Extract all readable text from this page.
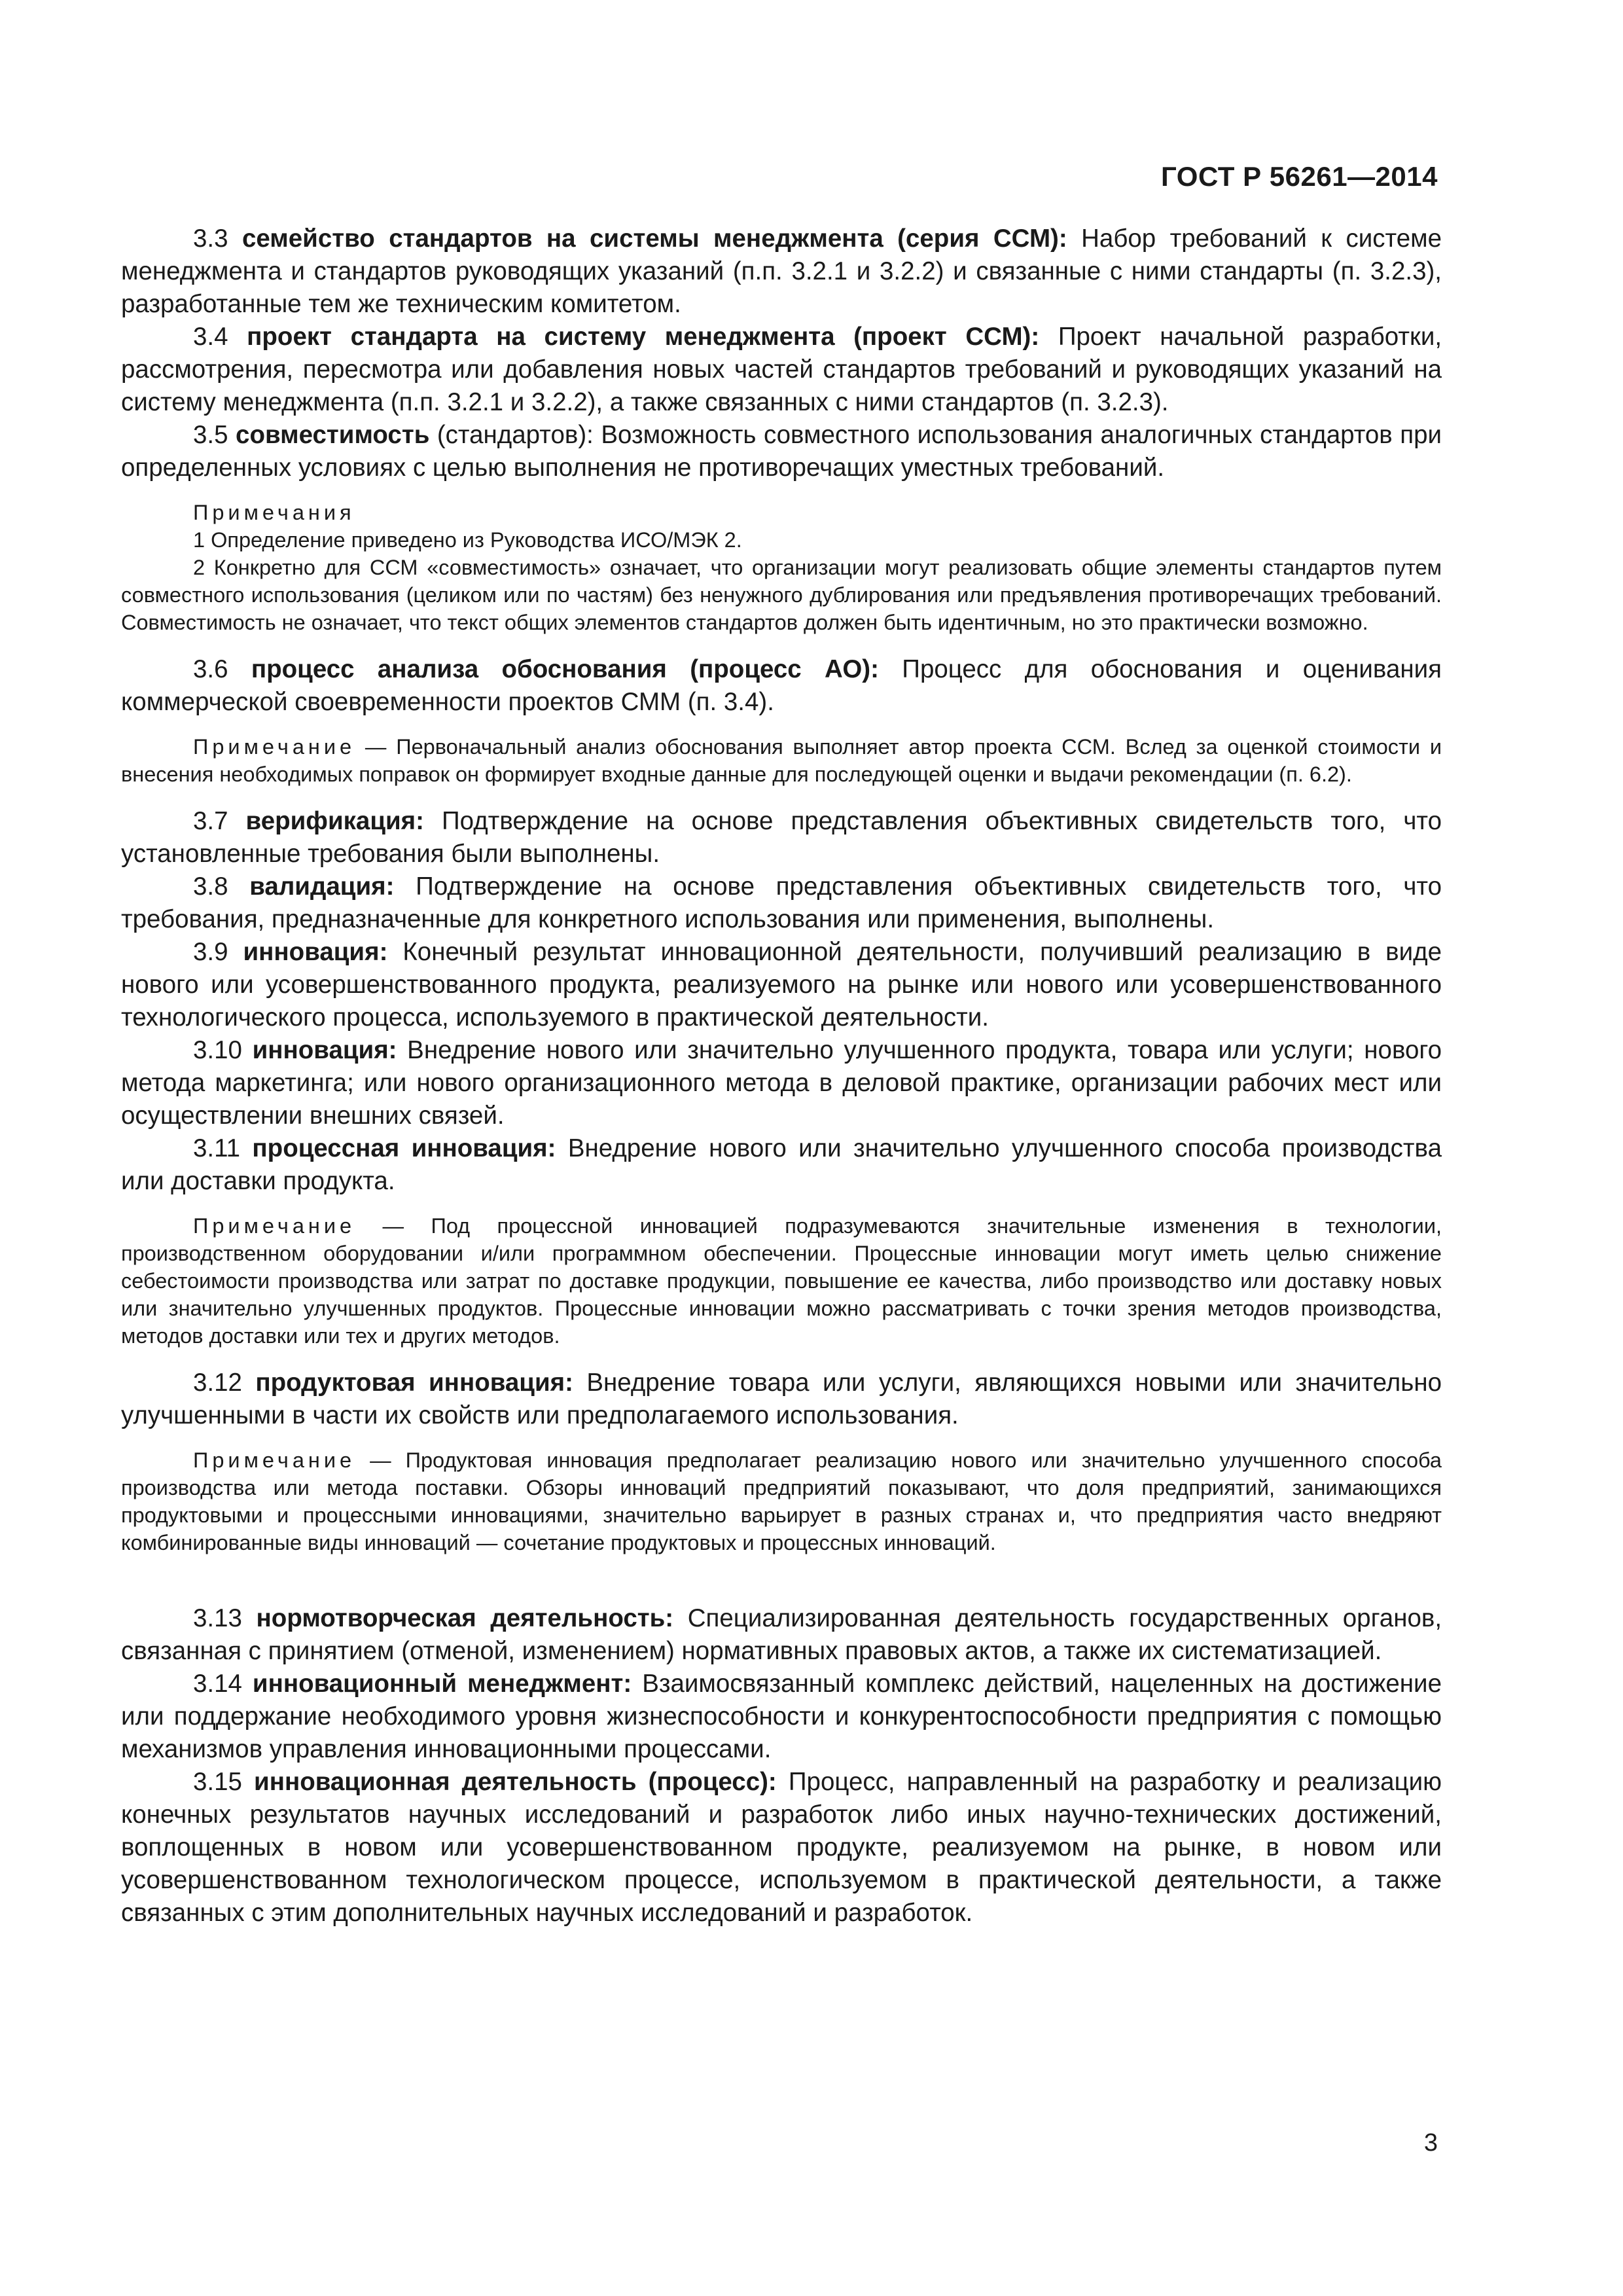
ГОСТ Р 56261—2014

3.3 семейство стандартов на системы менеджмента (серия ССМ): Набор требований к системе менеджмента и стандартов руководящих указаний (п.п. 3.2.1 и 3.2.2) и связанные с ними стандарты (п. 3.2.3), разработанные тем же техническим комитетом.

3.4 проект стандарта на систему менеджмента (проект ССМ): Проект начальной разработки, рассмотрения, пересмотра или добавления новых частей стандартов требований и руководящих указаний на систему менеджмента (п.п. 3.2.1 и 3.2.2), а также связанных с ними стандартов (п. 3.2.3).

3.5 совместимость (стандартов): Возможность совместного использования аналогичных стандартов при определенных условиях с целью выполнения не противоречащих уместных требований.

Примечания

1 Определение приведено из Руководства ИСО/МЭК 2.

2 Конкретно для ССМ «совместимость» означает, что организации могут реализовать общие элементы стандартов путем совместного использования (целиком или по частям) без ненужного дублирования или предъявления противоречащих требований. Совместимость не означает, что текст общих элементов стандартов должен быть идентичным, но это практически возможно.

3.6 процесс анализа обоснования (процесс АО): Процесс для обоснования и оценивания коммерческой своевременности проектов СММ (п. 3.4).

Примечание — Первоначальный анализ обоснования выполняет автор проекта ССМ. Вслед за оценкой стоимости и внесения необходимых поправок он формирует входные данные для последующей оценки и выдачи рекомендации (п. 6.2).

3.7 верификация: Подтверждение на основе представления объективных свидетельств того, что установленные требования были выполнены.

3.8 валидация: Подтверждение на основе представления объективных свидетельств того, что требования, предназначенные для конкретного использования или применения, выполнены.

3.9 инновация: Конечный результат инновационной деятельности, получивший реализацию в виде нового или усовершенствованного продукта, реализуемого на рынке или нового или усовершенствованного технологического процесса, используемого в практической деятельности.

3.10 инновация: Внедрение нового или значительно улучшенного продукта, товара или услуги; нового метода маркетинга; или нового организационного метода в деловой практике, организации рабочих мест или осуществлении внешних связей.

3.11 процессная инновация: Внедрение нового или значительно улучшенного способа производства или доставки продукта.

Примечание — Под процессной инновацией подразумеваются значительные изменения в технологии, производственном оборудовании и/или программном обеспечении. Процессные инновации могут иметь целью снижение себестоимости производства или затрат по доставке продукции, повышение ее качества, либо производство или доставку новых или значительно улучшенных продуктов. Процессные инновации можно рассматривать с точки зрения методов производства, методов доставки или тех и других методов.

3.12 продуктовая инновация: Внедрение товара или услуги, являющихся новыми или значительно улучшенными в части их свойств или предполагаемого использования.

Примечание — Продуктовая инновация предполагает реализацию нового или значительно улучшенного способа производства или метода поставки. Обзоры инноваций предприятий показывают, что доля предприятий, занимающихся продуктовыми и процессными инновациями, значительно варьирует в разных странах и, что предприятия часто внедряют комбинированные виды инноваций — сочетание продуктовых и процессных инноваций.

3.13 нормотворческая деятельность: Специализированная деятельность государственных органов, связанная с принятием (отменой, изменением) нормативных правовых актов, а также их систематизацией.

3.14 инновационный менеджмент: Взаимосвязанный комплекс действий, нацеленных на достижение или поддержание необходимого уровня жизнеспособности и конкурентоспособности предприятия с помощью механизмов управления инновационными процессами.

3.15 инновационная деятельность (процесс): Процесс, направленный на разработку и реализацию конечных результатов научных исследований и разработок либо иных научно-технических достижений, воплощенных в новом или усовершенствованном продукте, реализуемом на рынке, в новом или усовершенствованном технологическом процессе, используемом в практической деятельности, а также связанных с этим дополнительных научных исследований и разработок.

3
